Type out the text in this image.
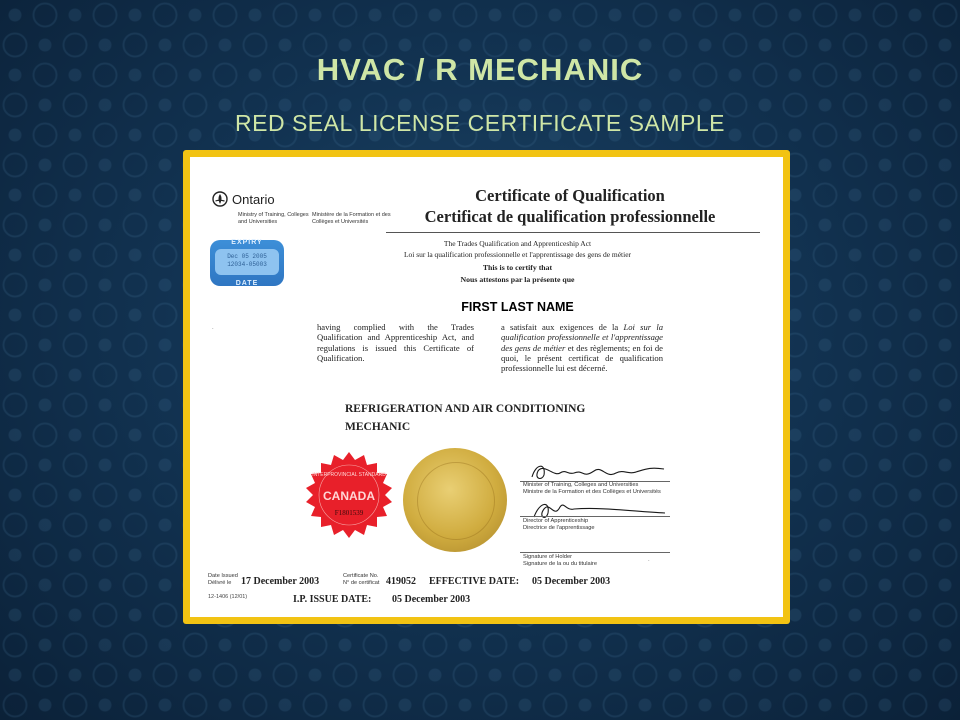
HVAC / R MECHANIC
RED SEAL LICENSE CERTIFICATE SAMPLE
Ontario
Ministry of Training, Colleges and Universities
Ministère de la Formation et des Collèges et Universités
Certificate of Qualification
Certificat de qualification professionnelle
The Trades Qualification and Apprenticeship Act
Loi sur la qualification professionnelle et l'apprentissage des gens de métier
This is to certify that
Nous attestons par la présente que
EXPIRY
Dec 05 2005
12034-05003
DATE
FIRST LAST NAME
having complied with the Trades Qualification and Apprenticeship Act, and regulations is issued this Certificate of Qualification.
a satisfait aux exigences de la Loi sur la qualification professionnelle et l'apprentissage des gens de métier et des règlements; en foi de quoi, le présent certificat de qualification professionnelle lui est décerné.
REFRIGERATION AND AIR CONDITIONING
MECHANIC
CANADA
INTERPROVINCIAL STANDARD
F1801539
Minister of Training, Colleges and Universities
Ministre de la Formation et des Collèges et Universités
Director of Apprenticeship
Directrice de l'apprentissage
Signature of Holder
Signature de la ou du titulaire
Date Issued
Délivré le 17 December 2003	Certificate No.
N° de certificat 419052 EFFECTIVE DATE: 05 December 2003
12-1406 (12/01)	I.P. ISSUE DATE: 05 December 2003
.
.
